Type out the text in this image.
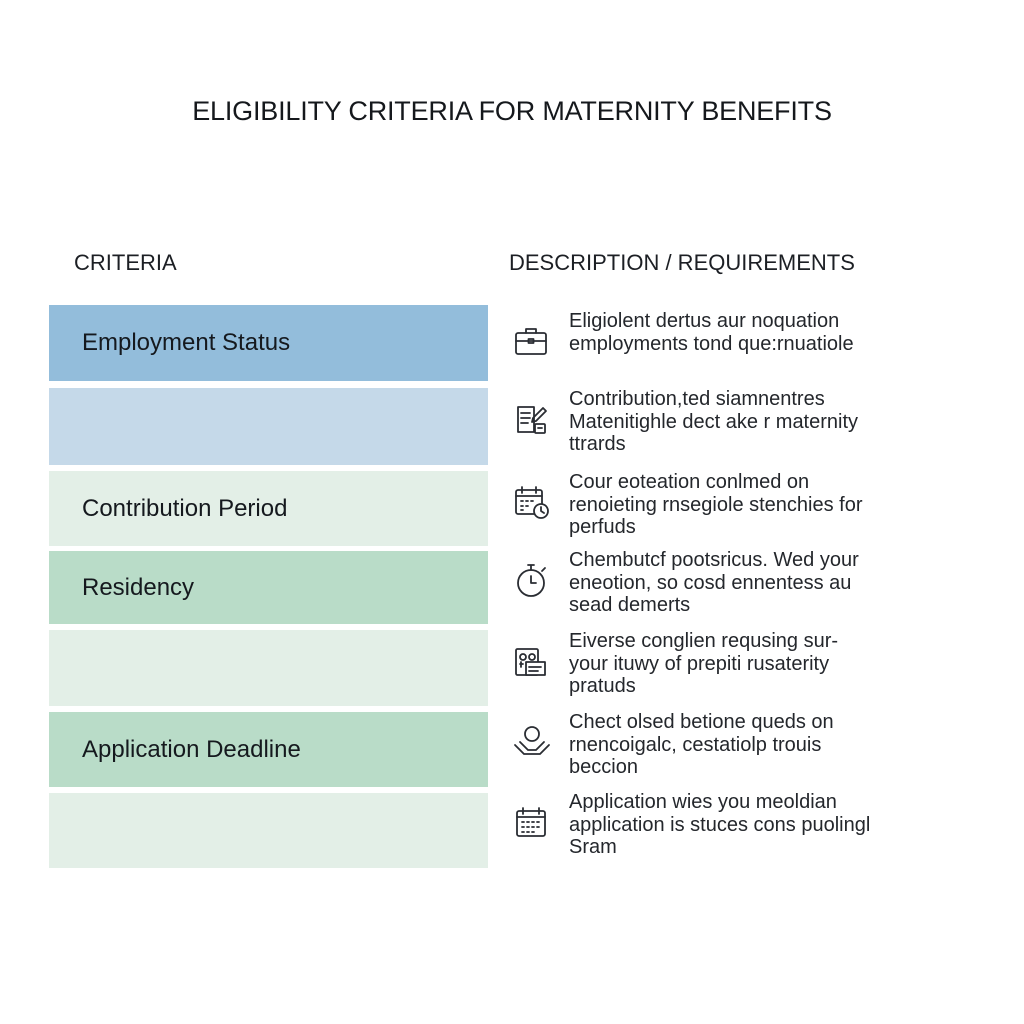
ELIGIBILITY CRITERIA FOR MATERNITY BENEFITS
CRITERIA	DESCRIPTION / REQUIREMENTS
Employment Status
Contribution Period
Residency
Application Deadline
Eligiolent dertus aur noquation
employments tond que:rnuatiole
Contribution,ted siamnentres
Matenitighle dect ake r maternity
ttrards
Cour eoteation conlmed on
renoieting rnsegiole stenchies for
perfuds
Chembutcf pootsricus. Wed your
eneotion, so cosd ennentess au
sead demerts
Eiverse conglien requsing sur-
your ituwy of prepiti rusaterity
pratuds
Chect olsed betione queds on
rnencoigalc, cestatiolp trouis
beccion
Application wies you meoldian
application is stuces cons puolingl
Sram
